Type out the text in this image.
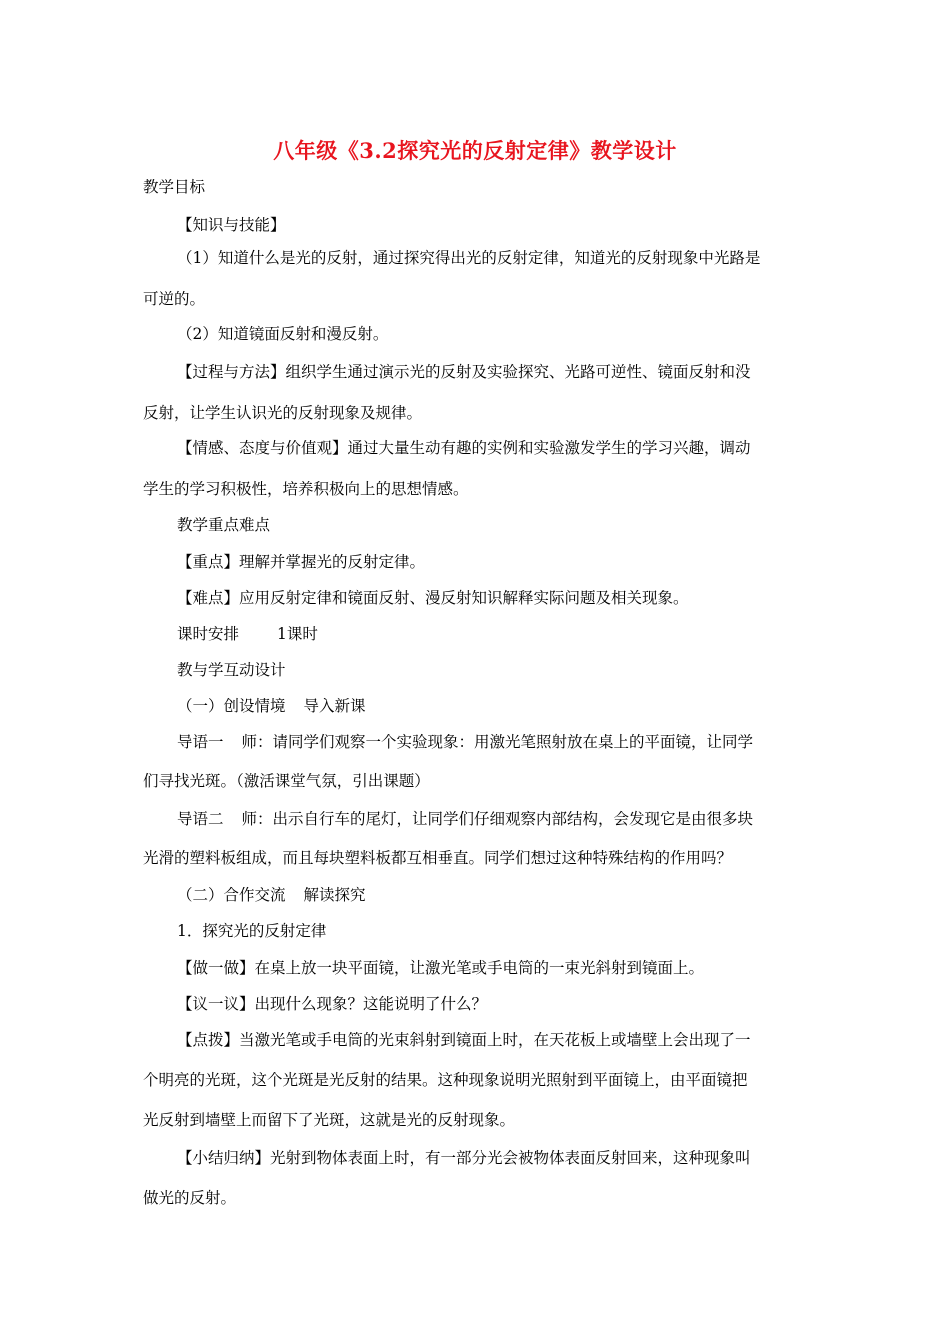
八年级《3.2探究光的反射定律》教学设计
教学目标
【知识与技能】
（1）知道什么是光的反射，通过探究得出光的反射定律，知道光的反射现象中光路是
可逆的。
（2）知道镜面反射和漫反射。
【过程与方法】组织学生通过演示光的反射及实验探究、光路可逆性、镜面反射和没
反射，让学生认识光的反射现象及规律。
【情感、态度与价值观】通过大量生动有趣的实例和实验激发学生的学习兴趣，调动
学生的学习积极性，培养积极向上的思想情感。
教学重点难点
【重点】理解并掌握光的反射定律。
【难点】应用反射定律和镜面反射、漫反射知识解释实际问题及相关现象。
课时安排 1课时
教与学互动设计
（一）创设情境 导入新课
导语一 师：请同学们观察一个实验现象：用激光笔照射放在桌上的平面镜，让同学
们寻找光斑。（激活课堂气氛，引出课题）
导语二 师：出示自行车的尾灯，让同学们仔细观察内部结构，会发现它是由很多块
光滑的塑料板组成，而且每块塑料板都互相垂直。同学们想过这种特殊结构的作用吗？
（二）合作交流 解读探究
1．探究光的反射定律
【做一做】在桌上放一块平面镜，让激光笔或手电筒的一束光斜射到镜面上。
【议一议】出现什么现象？这能说明了什么？
【点拨】当激光笔或手电筒的光束斜射到镜面上时，在天花板上或墙壁上会出现了一
个明亮的光斑，这个光斑是光反射的结果。这种现象说明光照射到平面镜上，由平面镜把
光反射到墙壁上而留下了光斑，这就是光的反射现象。
【小结归纳】光射到物体表面上时，有一部分光会被物体表面反射回来，这种现象叫
做光的反射。
